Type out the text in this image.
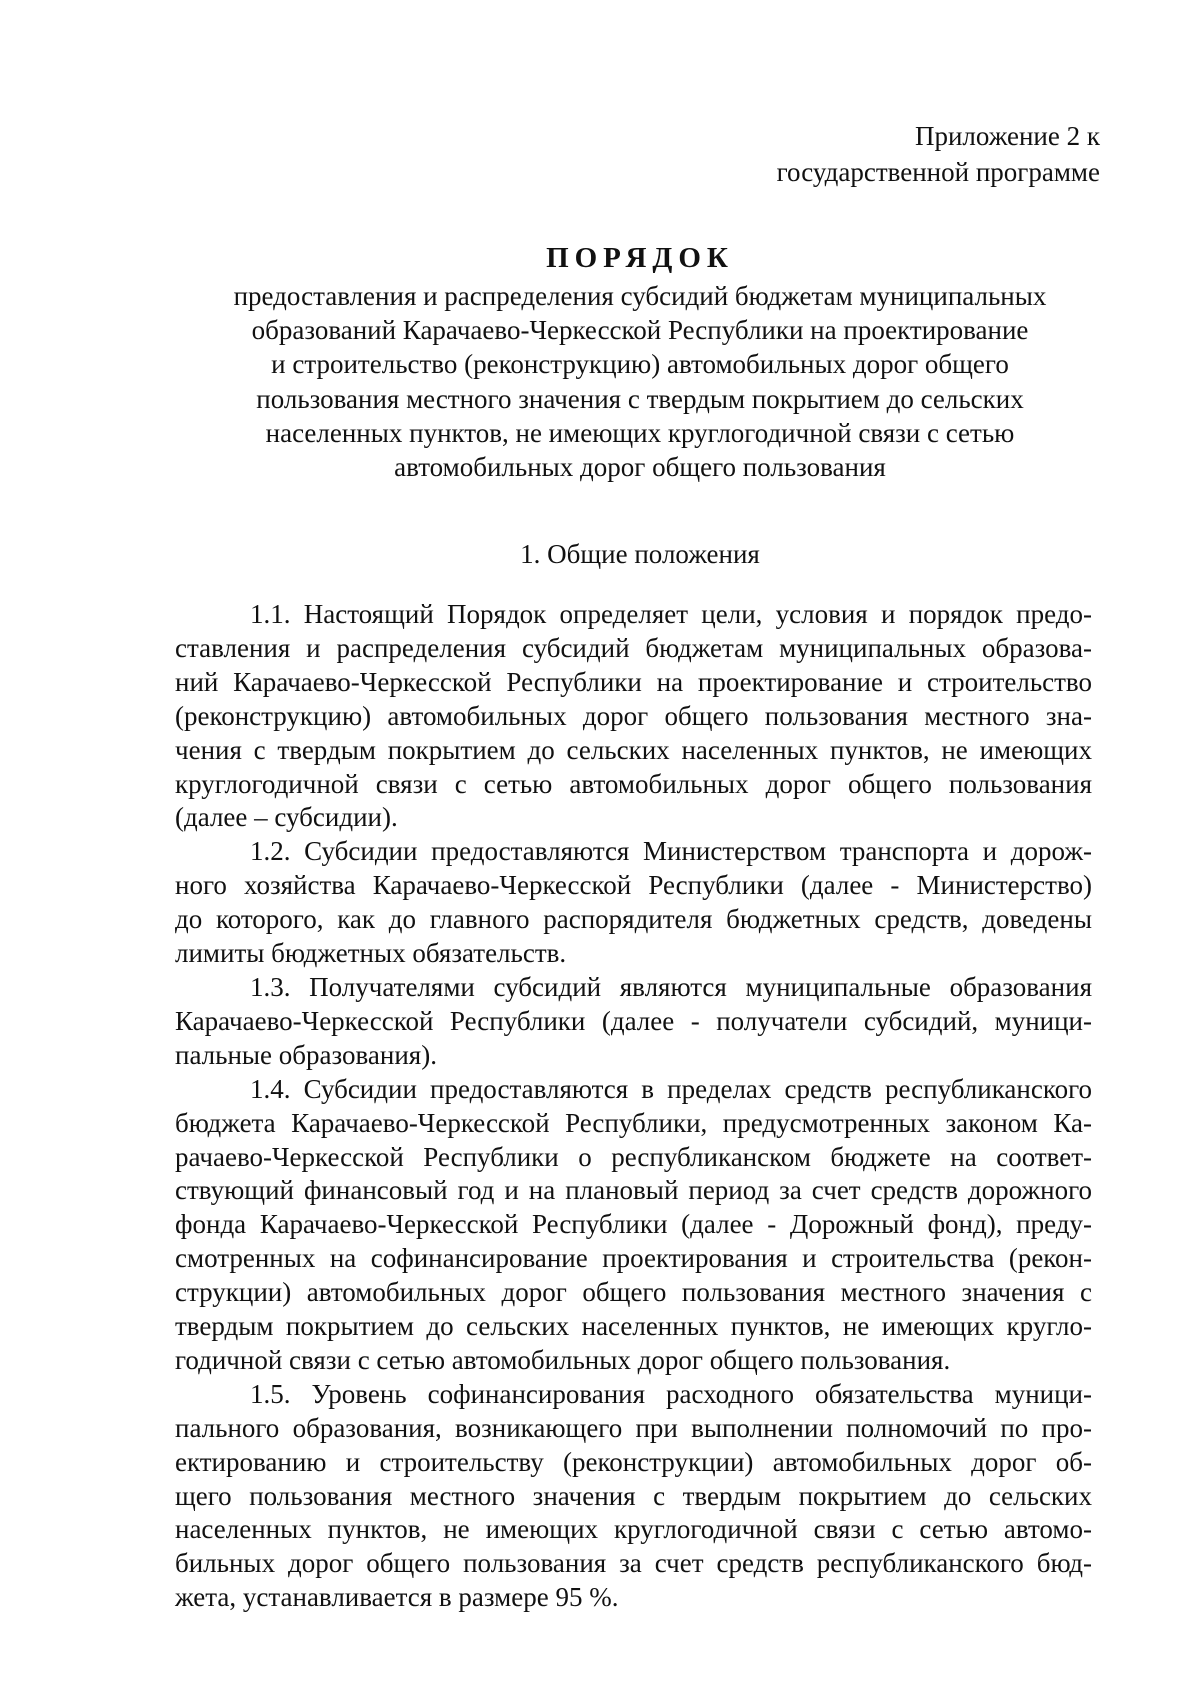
Приложение 2 к
государственной программе
ПОРЯДОК
предоставления и распределения субсидий бюджетам муниципальных
образований Карачаево-Черкесской Республики на проектирование
и строительство (реконструкцию) автомобильных дорог общего
пользования местного значения с твердым покрытием до сельских
населенных пунктов, не имеющих круглогодичной связи с сетью
автомобильных дорог общего пользования
1. Общие положения
1.1. Настоящий Порядок определяет цели, условия и порядок предо-
ставления и распределения субсидий бюджетам муниципальных образова-
ний Карачаево-Черкесской Республики на проектирование и строительство
(реконструкцию) автомобильных дорог общего пользования местного зна-
чения с твердым покрытием до сельских населенных пунктов, не имеющих
круглогодичной связи с сетью автомобильных дорог общего пользования
(далее – субсидии).
1.2. Субсидии предоставляются Министерством транспорта и дорож-
ного хозяйства Карачаево-Черкесской Республики (далее - Министерство)
до которого, как до главного распорядителя бюджетных средств, доведены
лимиты бюджетных обязательств.
1.3. Получателями субсидий являются муниципальные образования
Карачаево-Черкесской Республики (далее - получатели субсидий, муници-
пальные образования).
1.4. Субсидии предоставляются в пределах средств республиканского
бюджета Карачаево-Черкесской Республики, предусмотренных законом Ка-
рачаево-Черкесской Республики о республиканском бюджете на соответ-
ствующий финансовый год и на плановый период за счет средств дорожного
фонда Карачаево-Черкесской Республики (далее - Дорожный фонд), преду-
смотренных на софинансирование проектирования и строительства (рекон-
струкции) автомобильных дорог общего пользования местного значения с
твердым покрытием до сельских населенных пунктов, не имеющих кругло-
годичной связи с сетью автомобильных дорог общего пользования.
1.5. Уровень софинансирования расходного обязательства муници-
пального образования, возникающего при выполнении полномочий по про-
ектированию и строительству (реконструкции) автомобильных дорог об-
щего пользования местного значения с твердым покрытием до сельских
населенных пунктов, не имеющих круглогодичной связи с сетью автомо-
бильных дорог общего пользования за счет средств республиканского бюд-
жета, устанавливается в размере 95 %.
